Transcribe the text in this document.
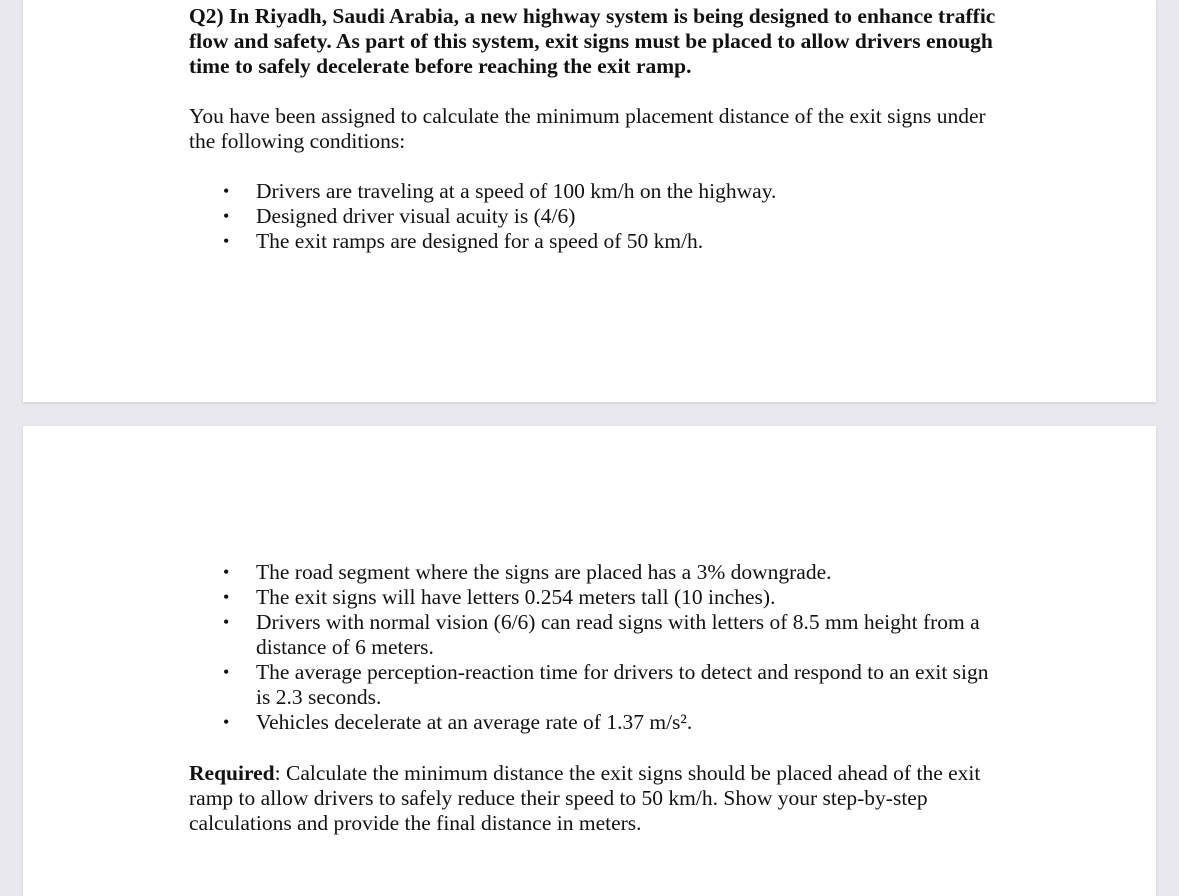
Q2) In Riyadh, Saudi Arabia, a new highway system is being designed to enhance traffic flow and safety. As part of this system, exit signs must be placed to allow drivers enough time to safely decelerate before reaching the exit ramp.

You have been assigned to calculate the minimum placement distance of the exit signs under the following conditions:

• Drivers are traveling at a speed of 100 km/h on the highway.
• Designed driver visual acuity is (4/6)
• The exit ramps are designed for a speed of 50 km/h.
• The road segment where the signs are placed has a 3% downgrade.
• The exit signs will have letters 0.254 meters tall (10 inches).
• Drivers with normal vision (6/6) can read signs with letters of 8.5 mm height from a distance of 6 meters.
• The average perception-reaction time for drivers to detect and respond to an exit sign is 2.3 seconds.
• Vehicles decelerate at an average rate of 1.37 m/s².

Required: Calculate the minimum distance the exit signs should be placed ahead of the exit ramp to allow drivers to safely reduce their speed to 50 km/h. Show your step-by-step calculations and provide the final distance in meters.
